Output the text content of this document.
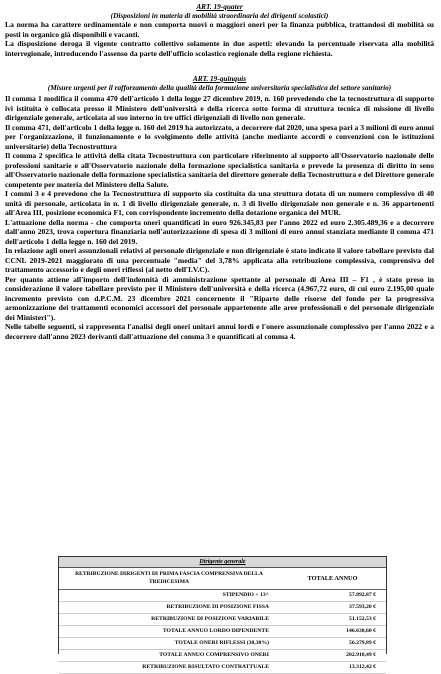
ART. 19-quater
(Disposizioni in materia di mobilità straordinaria dei dirigenti scolastici)

La norma ha carattere ordinamentale e non comporta nuovi o maggiori oneri per la finanza pubblica, trattandosi di mobilità su posti in organico già disponibili e vacanti.

La disposizione deroga il vigente contratto collettivo solamente in due aspetti: elevando la percentuale riservata alla mobilità interregionale, introducendo l'assenso da parte dell'ufficio scolastico regionale della regione richiesta.

ART. 19-quinquis
(Misure urgenti per il rafforzamento della qualità della formazione universitaria specialistica del settore sanitario)

Il comma 1 modifica il comma 470 dell'articolo 1 della legge 27 dicembre 2019, n. 160 prevedendo che la tecnostruttura di supporto ivi istituita è collocata presso il Ministero dell'università e della ricerca sotto forma di struttura tecnica di missione di livello dirigenziale generale, articolata al suo interno in tre uffici dirigenziali di livello non generale.

Il comma 471, dell'articolo 1 della legge n. 160 del 2019 ha autorizzato, a decorrere dal 2020, una spesa pari a 3 milioni di euro annui per l'organizzazione, il funzionamento e lo svolgimento delle attività (anche mediante accordi e convenzioni con le istituzioni universitarie) della Tecnostruttura

Il comma 2 specifica le attività della citata Tecnostruttura con particolare riferimento al supporto all'Osservatorio nazionale delle professioni sanitarie e all'Osservatorio nazionale della formazione specialistica sanitaria e prevede la presenza di diritto in seno all'Osservatorio nazionale della formazione specialistica sanitaria del direttore generale della Tecnostruttura e del Direttore generale competente per materia del Ministero della Salute.

I commi 3 e 4 prevedono che la Tecnostruttura di supporto sia costituita da una struttura dotata di un numero complessivo di 40 unità di personale, articolata in n. 1 di livello dirigenziale generale, n. 3 di livello dirigenziale non generale e n. 36 appartenenti all'Area III, posizione economica F1, con corrispondente incremento della dotazione organica del MUR.

L'attuazione della norma - che comporta oneri quantificati in euro 926.345,83 per l'anno 2022 ed euro 2.305.489,36 e a decorrere dall'anno 2023, trova copertura finanziaria nell'autorizzazione di spesa di 3 milioni di euro annui stanziata mediante il comma 471 dell'articolo 1 della legge n. 160 del 2019.

In relazione agli oneri assunzionali relativi al personale dirigenziale e non dirigenziale è stato indicato il valore tabellare previsto dal CCNL 2019-2021 maggiorato di una percentuale "media" del 3,78% applicata alla retribuzione complessiva, comprensiva del trattamento accessorio e degli oneri riflessi (al netto dell'I.V.C).

Per quanto attiene all'importo dell'indennità di amministrazione spettante al personale di Area III – F1 , è stato preso in considerazione il valore tabellare previsto per il Ministero dell'università e della ricerca (4.967,72 euro, di cui euro 2.195,00 quale incremento previsto con d.P.C.M. 23 dicembre 2021 concernente il "Riparto delle risorse del fondo per la progressiva armonizzazione dei trattamenti economici accessori del personale appartenente alle aree professionali e del personale dirigenziale dei Ministeri").

Nelle tabelle seguenti, si rappresenta l'analisi degli oneri unitari annui lordi e l'onere assunzionale complessivo per l'anno 2022 e a decorrere dall'anno 2023 derivanti dall'attuazione del comma 3 e quantificati al comma 4.

Dirigente generale
RETRIBUZIONE DIRIGENTI DI PRIMA FASCIA COMPRENSIVA DELLA TREDICESIMA	TOTALE ANNUO
STIPENDIO + 13^	57.892,87 €
RETRIBUZIONE DI POSIZIONE FISSA	37.593,20 €
RETRIBUZIONE DI POSIZIONE VARIABILE	51.152,53 €
TOTALE ANNUO LORDO DIPENDENTE	146.638,60 €
TOTALE ONERI RIFLESSI (38,38%)	56.279,89 €
TOTALE ANNUO COMPRENSIVO ONERI	202.918,49 €
RETRIBUZIONE RISULTATO CONTRATTUALE	13.312,42 €
